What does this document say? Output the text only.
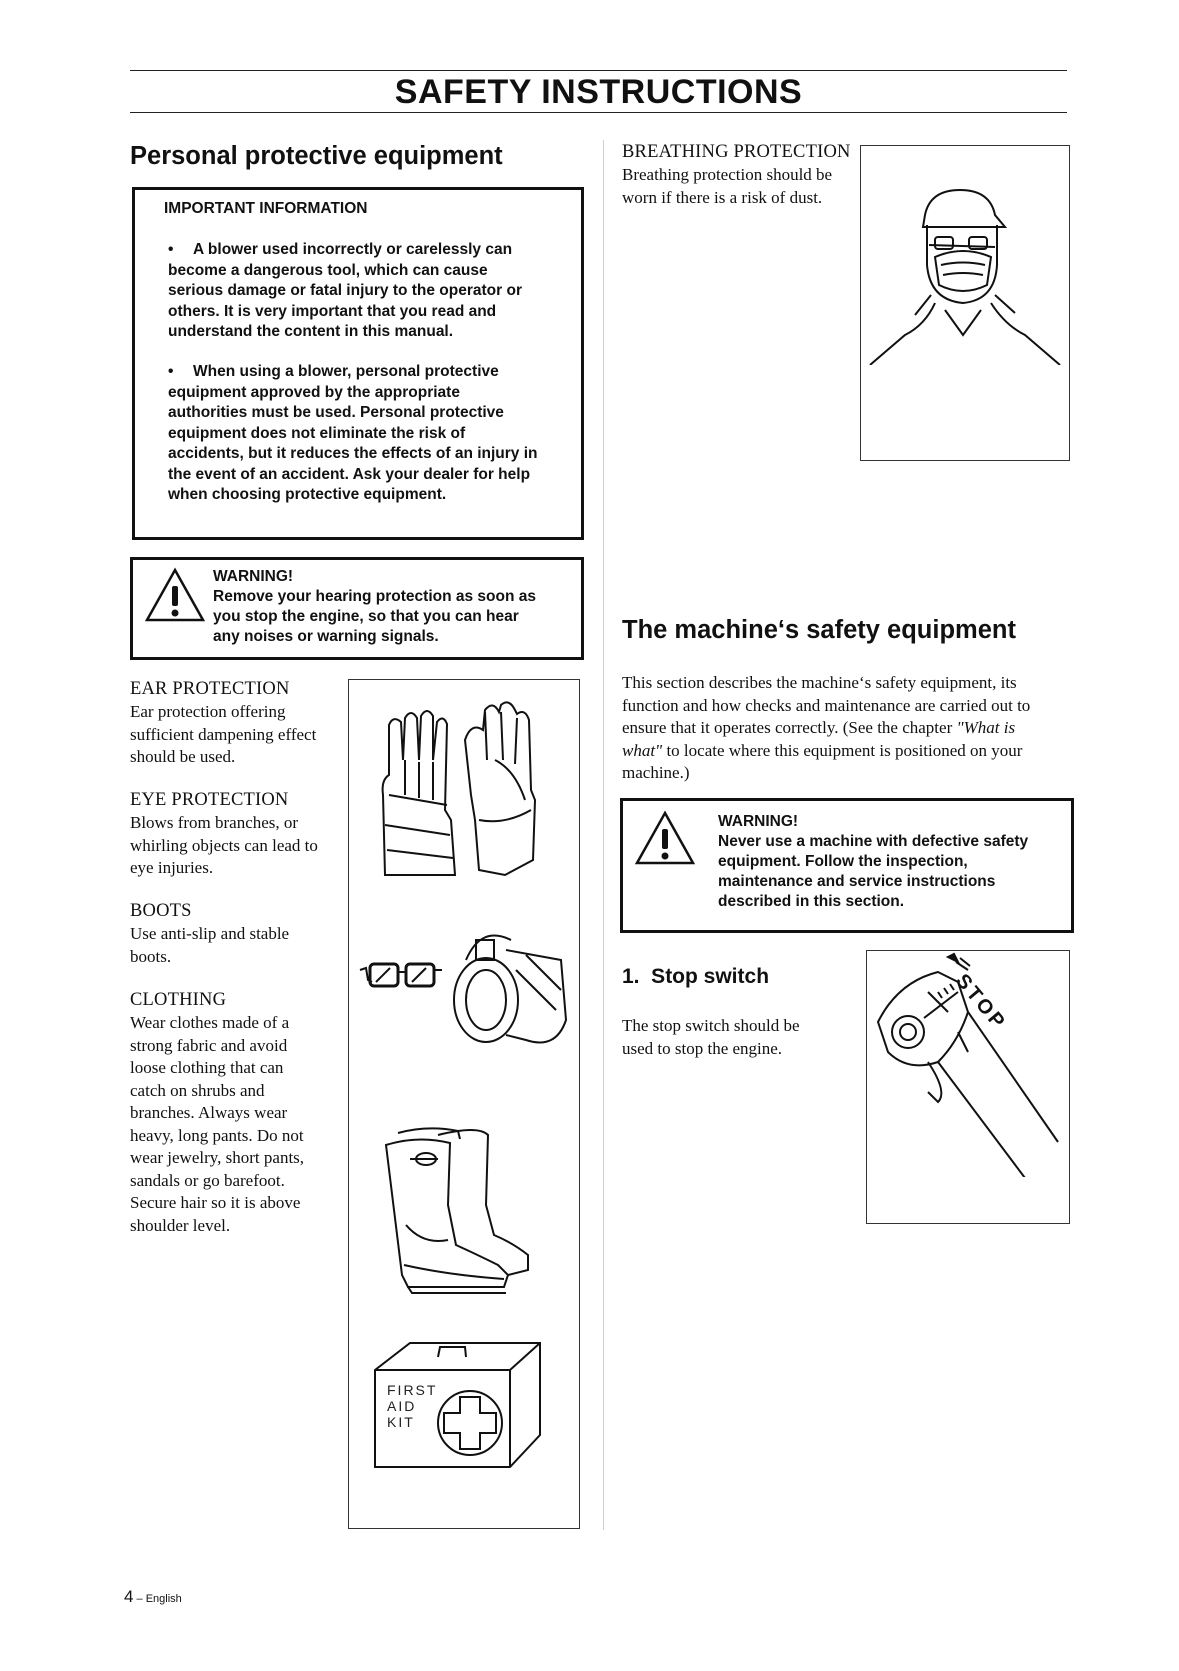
SAFETY INSTRUCTIONS
Personal protective equipment
IMPORTANT INFORMATION
•	A blower used incorrectly or carelessly can
become a dangerous tool, which can cause
serious damage or fatal injury to the operator or
others. It is very important that you read and
understand the content in this manual.
•	When using a blower, personal protective
equipment approved by the appropriate
authorities must be used. Personal protective
equipment does not eliminate the risk of
accidents, but it reduces the effects of an injury in
the event of an accident. Ask your dealer for help
when choosing protective equipment.
WARNING!
Remove your hearing protection as soon as
you stop the engine, so that you can hear
any noises or warning signals.
EAR PROTECTION
Ear protection offering
sufficient dampening effect
should be used.
EYE PROTECTION
Blows from branches, or
whirling objects can lead to
eye injuries.
BOOTS
Use anti-slip and stable
boots.
CLOTHING
Wear clothes made of a
strong fabric and avoid
loose clothing that can
catch on shrubs and
branches. Always wear
heavy, long pants. Do not
wear jewelry, short pants,
sandals or go barefoot.
Secure hair so it is above
shoulder level.
FIRST
AID
KIT
BREATHING PROTECTION
Breathing protection should be
worn if there is a risk of dust.
The machine‘s safety equipment
This section describes the machine‘s safety equipment, its
function and how checks and maintenance are carried out to
ensure that it operates correctly. (See the chapter "What is
what" to locate where this equipment is positioned on your
machine.)
WARNING!
Never use a machine with defective safety
equipment. Follow the inspection,
maintenance and service instructions
described in this section.
1.  Stop switch
The stop switch should be
used to stop the engine.
STOP
4 – English
